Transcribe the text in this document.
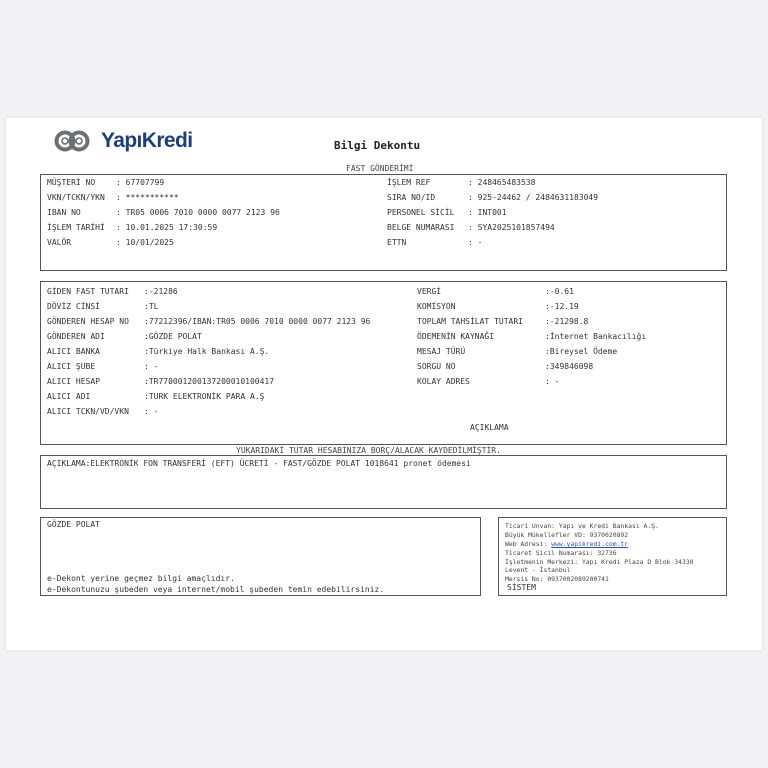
YapıKredi	Bilgi Dekontu
FAST GÖNDERİMİ
MÜŞTERİ NO	: 67707799
VKN/TCKN/YKN : ***********
IBAN NO	: TR05 0006 7010 0000 0077 2123 96
İŞLEM TARİHİ : 10.01.2025 17:30:59
VALÖR	: 10/01/2025
İŞLEM REF	: 248465483538
SIRA NO/ID	: 925-24462 / 2484631183049
PERSONEL SİCİL : INT001
BELGE NUMARASI : SYA2025101857494
ETTN	: -
GİDEN FAST TUTARI :-21286
DÖVİZ CİNSİ	:TL
GÖNDEREN HESAP NO :77212396/IBAN:TR05 0006 7010 0000 0077 2123 96
GÖNDEREN ADI	:GÖZDE POLAT
ALICI BANKA	:Türkiye Halk Bankası A.Ş.
ALICI ŞUBE	: -
ALICI HESAP	:TR770001200137200010100417
ALICI ADI	:TURK ELEKTRONİK PARA A.Ş
ALICI TCKN/VD/VKN : -
VERGİ	:-0.61
KOMİSYON	:-12.19
TOPLAM TAHSİLAT TUTARI	:-21298.8
ÖDEMENİN KAYNAĞI	:İnternet Bankacılığı
MESAJ TÜRÜ	:Bireysel Ödeme
SORGU NO	:349846098
KOLAY ADRES	: -
AÇIKLAMA
YUKARIDAKİ TUTAR HESABINIZA BORÇ/ALACAK KAYDEDİLMİŞTİR.
AÇIKLAMA:ELEKTRONİK FON TRANSFERİ (EFT) ÜCRETİ - FAST/GÖZDE POLAT 1018641 pronet ödemesi
GÖZDE POLAT
e-Dekont yerine geçmez bilgi amaçlıdır.
e-Dekontunuzu şubeden veya internet/mobil şubeden temin edebilirsiniz.
Ticari Unvan: Yapı ve Kredi Bankası A.Ş.
Büyük Mükellefler VD: 9370020892
Web Adresi: www.yapikredi.com.tr
Ticaret Sicil Numarası: 32736
İşletmenin Merkezi: Yapı Kredi Plaza D Blok 34330
Levent - İstanbul
Mersis No: 0937002089200741
SİSTEM
